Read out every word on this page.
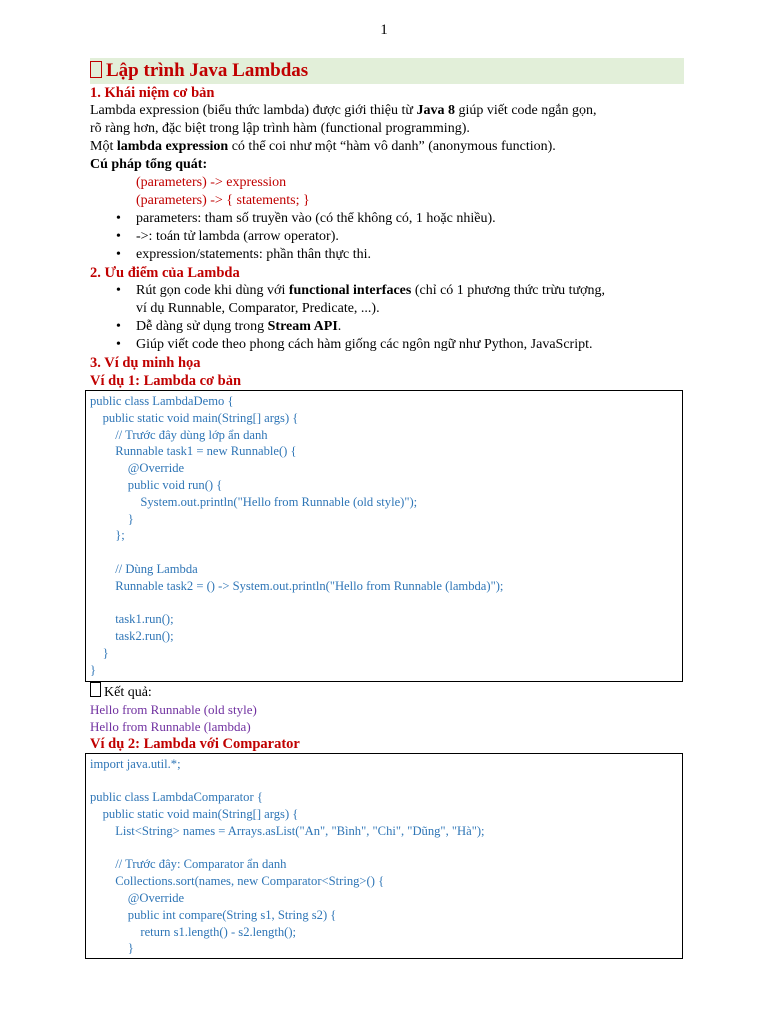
1
Lập trình Java Lambdas
1. Khái niệm cơ bản

Lambda expression (biểu thức lambda) được giới thiệu từ Java 8 giúp viết code ngắn gọn,

rõ ràng hơn, đặc biệt trong lập trình hàm (functional programming).

Một lambda expression có thể coi như một “hàm vô danh” (anonymous function).

Cú pháp tổng quát:

(parameters) -> expression

(parameters) -> { statements; }

• parameters: tham số truyền vào (có thể không có, 1 hoặc nhiều).
• ->: toán tử lambda (arrow operator).
• expression/statements: phần thân thực thi.
2. Ưu điểm của Lambda
• Rút gọn code khi dùng với functional interfaces (chỉ có 1 phương thức trừu tượng,
ví dụ Runnable, Comparator, Predicate, ...).
• Dễ dàng sử dụng trong Stream API.
• Giúp viết code theo phong cách hàm giống các ngôn ngữ như Python, JavaScript.
3. Ví dụ minh họa
Ví dụ 1: Lambda cơ bản
public class LambdaDemo {
public static void main(String[] args) {
// Trước đây dùng lớp ẩn danh
Runnable task1 = new Runnable() {
@Override
public void run() {
System.out.println("Hello from Runnable (old style)");
}
};

// Dùng Lambda
Runnable task2 = () -> System.out.println("Hello from Runnable (lambda)");

task1.run();
task2.run();
}
}

Kết quả:

Hello from Runnable (old style)

Hello from Runnable (lambda)

Ví dụ 2: Lambda với Comparator
import java.util.*;

public class LambdaComparator {
public static void main(String[] args) {
List<String> names = Arrays.asList("An", "Bình", "Chi", "Dũng", "Hà");

// Trước đây: Comparator ẩn danh
Collections.sort(names, new Comparator<String>() {
@Override
public int compare(String s1, String s2) {
return s1.length() - s2.length();
}
